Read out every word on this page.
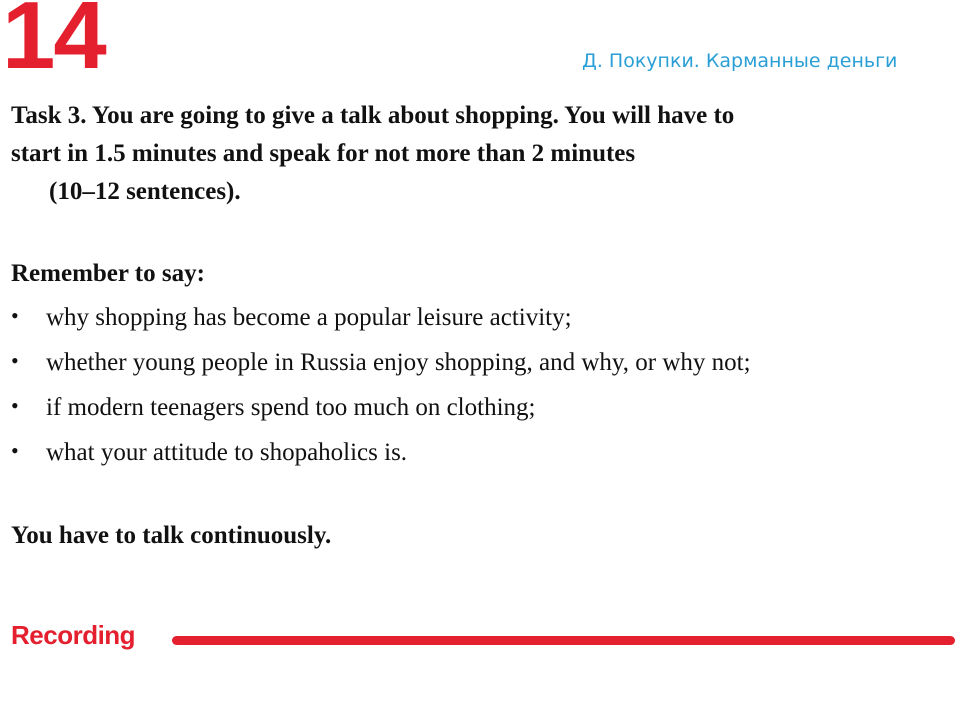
14	Д. Покупки. Карманные деньги

Task 3. You are going to give a talk about shopping. You will have to
start in 1.5 minutes and speak for not more than 2 minutes
(10–12 sentences).

Remember to say:

• why shopping has become a popular leisure activity;
• whether young people in Russia enjoy shopping, and why, or why not;
• if modern teenagers spend too much on clothing;
• what your attitude to shopaholics is.

You have to talk continuously.

Recording
